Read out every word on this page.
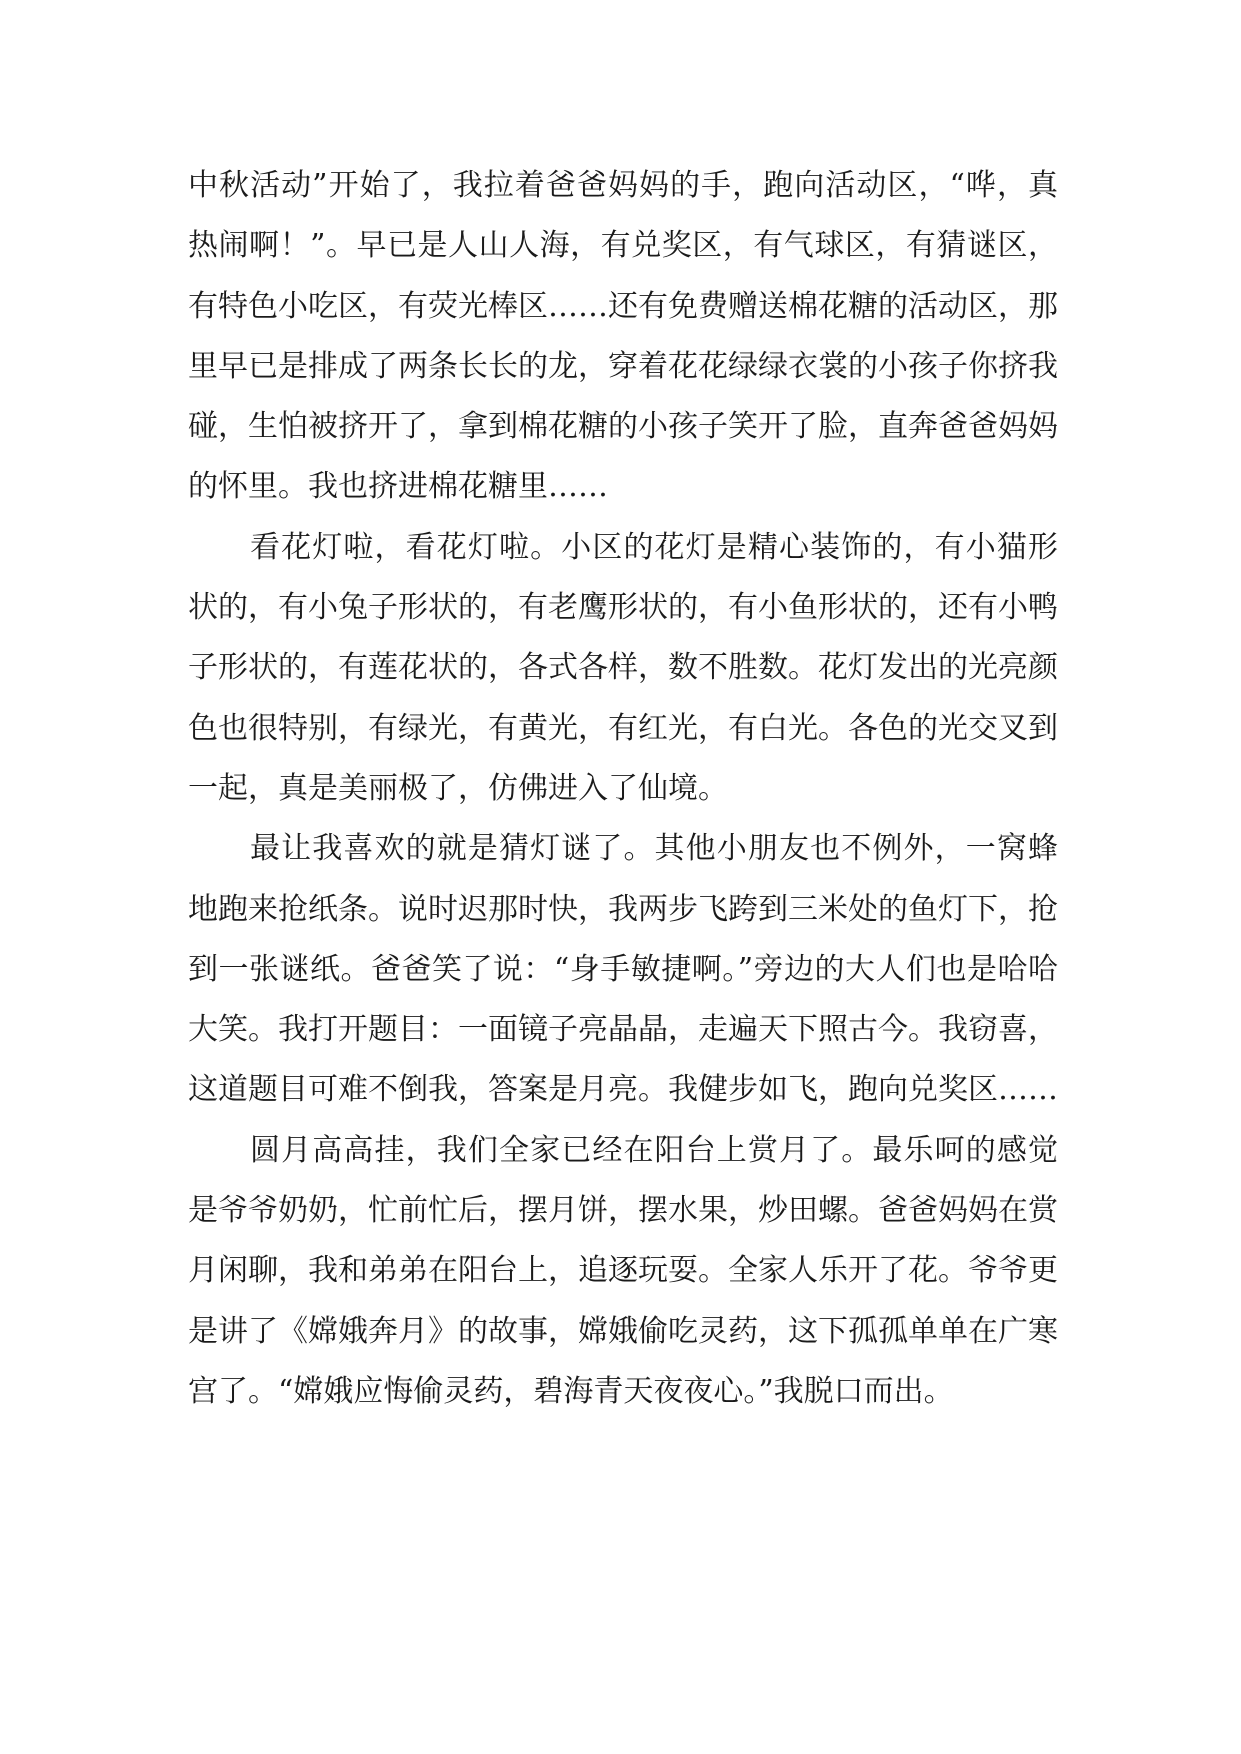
中秋活动”开始了，我拉着爸爸妈妈的手，跑向活动区，“哗，真热闹啊！”。早已是人山人海，有兑奖区，有气球区，有猜谜区，有特色小吃区，有荧光棒区……还有免费赠送棉花糖的活动区，那里早已是排成了两条长长的龙，穿着花花绿绿衣裳的小孩子你挤我碰，生怕被挤开了，拿到棉花糖的小孩子笑开了脸，直奔爸爸妈妈的怀里。我也挤进棉花糖里……

看花灯啦，看花灯啦。小区的花灯是精心装饰的，有小猫形状的，有小兔子形状的，有老鹰形状的，有小鱼形状的，还有小鸭子形状的，有莲花状的，各式各样，数不胜数。花灯发出的光亮颜色也很特别，有绿光，有黄光，有红光，有白光。各色的光交叉到一起，真是美丽极了，仿佛进入了仙境。

最让我喜欢的就是猜灯谜了。其他小朋友也不例外，一窝蜂地跑来抢纸条。说时迟那时快，我两步飞跨到三米处的鱼灯下，抢到一张谜纸。爸爸笑了说：“身手敏捷啊。”旁边的大人们也是哈哈大笑。我打开题目：一面镜子亮晶晶，走遍天下照古今。我窃喜，这道题目可难不倒我，答案是月亮。我健步如飞，跑向兑奖区……

圆月高高挂，我们全家已经在阳台上赏月了。最乐呵的感觉是爷爷奶奶，忙前忙后，摆月饼，摆水果，炒田螺。爸爸妈妈在赏月闲聊，我和弟弟在阳台上，追逐玩耍。全家人乐开了花。爷爷更是讲了《嫦娥奔月》的故事，嫦娥偷吃灵药，这下孤孤单单在广寒宫了。“嫦娥应悔偷灵药，碧海青天夜夜心。”我脱口而出。
